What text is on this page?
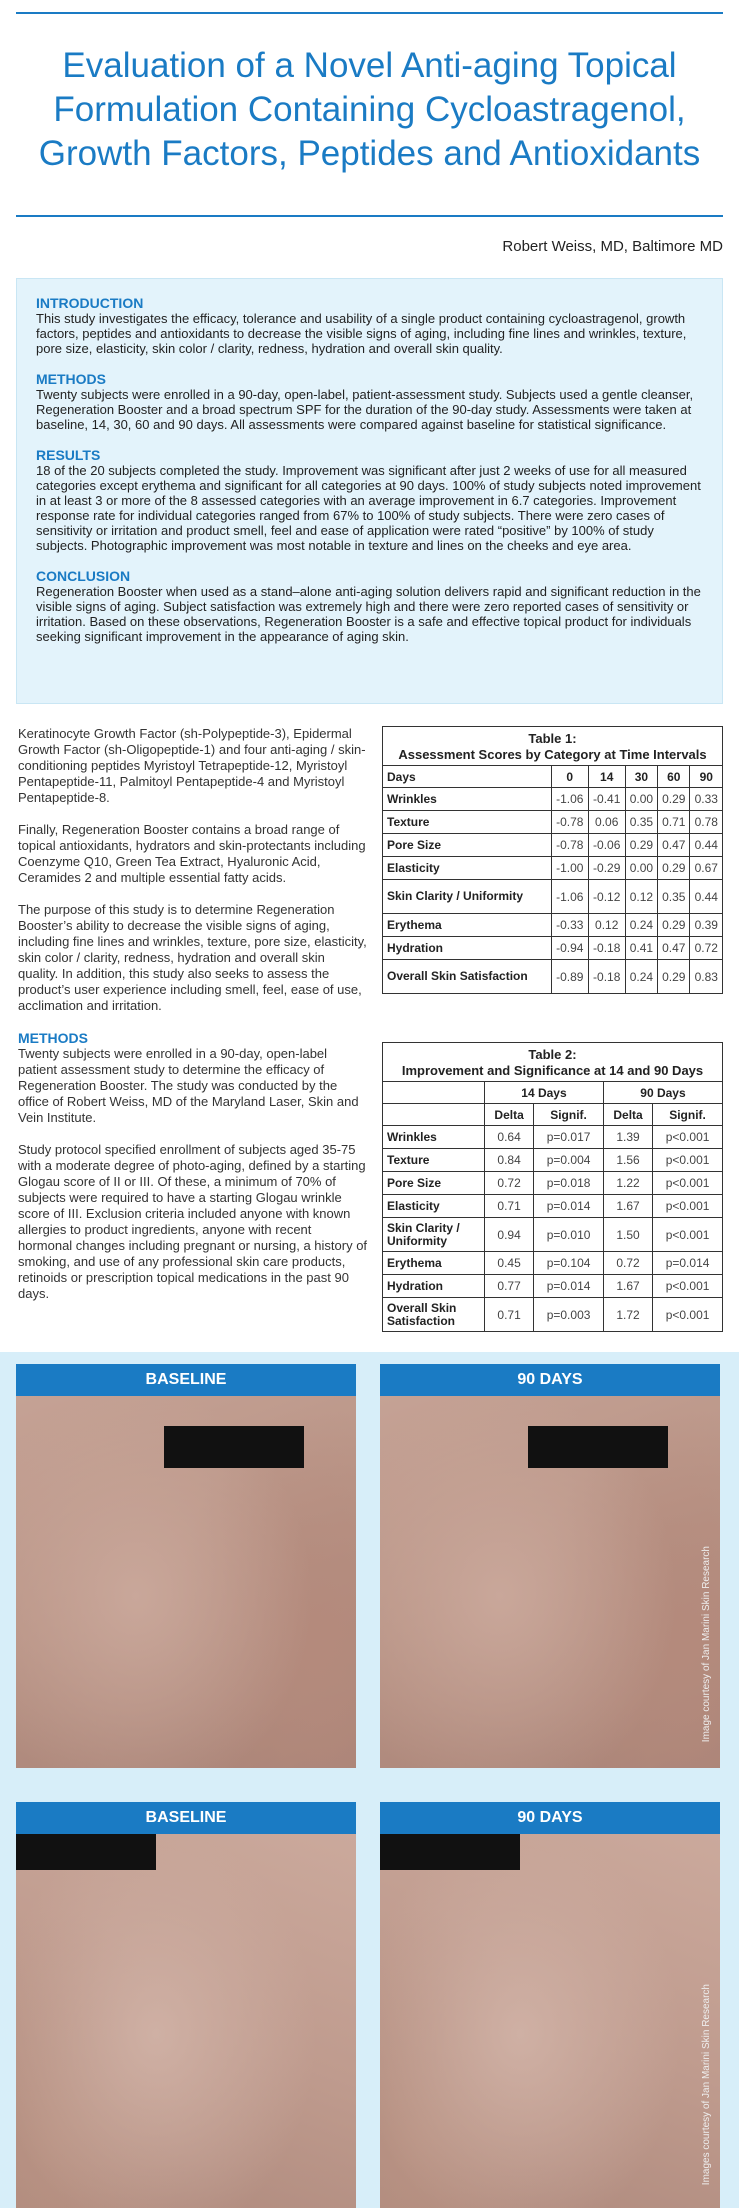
Evaluation of a Novel Anti-aging Topical
Formulation Containing Cycloastragenol,
Growth Factors, Peptides and Antioxidants
Robert Weiss, MD, Baltimore MD
INTRODUCTION

This study investigates the efficacy, tolerance and usability of a single product containing cycloastragenol, growth factors, peptides and antioxidants to decrease the visible signs of aging, including fine lines and wrinkles, texture, pore size, elasticity, skin color / clarity, redness, hydration and overall skin quality.

METHODS

Twenty subjects were enrolled in a 90-day, open-label, patient-assessment study. Subjects used a gentle cleanser, Regeneration Booster and a broad spectrum SPF for the duration of the 90-day study. Assessments were taken at baseline, 14, 30, 60 and 90 days. All assessments were compared against baseline for statistical significance.

RESULTS

18 of the 20 subjects completed the study. Improvement was significant after just 2 weeks of use for all measured categories except erythema and significant for all categories at 90 days. 100% of study subjects noted improvement in at least 3 or more of the 8 assessed categories with an average improvement in 6.7 categories. Improvement response rate for individual categories ranged from 67% to 100% of study subjects. There were zero cases of sensitivity or irritation and product smell, feel and ease of application were rated “positive” by 100% of study subjects. Photographic improvement was most notable in texture and lines on the cheeks and eye area.

CONCLUSION

Regeneration Booster when used as a stand–alone anti-aging solution delivers rapid and significant reduction in the visible signs of aging. Subject satisfaction was extremely high and there were zero reported cases of sensitivity or irritation. Based on these observations, Regeneration Booster is a safe and effective topical product for individuals seeking significant improvement in the appearance of aging skin.

Keratinocyte Growth Factor (sh-Polypeptide-3), Epidermal Growth Factor (sh-Oligopeptide-1) and four anti-aging / skin-conditioning peptides Myristoyl Tetrapeptide-12, Myristoyl Pentapeptide-11, Palmitoyl Pentapeptide-4 and Myristoyl Pentapeptide-8.

Finally, Regeneration Booster contains a broad range of topical antioxidants, hydrators and skin-protectants including Coenzyme Q10, Green Tea Extract, Hyaluronic Acid, Ceramides 2 and multiple essential fatty acids.

The purpose of this study is to determine Regeneration Booster’s ability to decrease the visible signs of aging, including fine lines and wrinkles, texture, pore size, elasticity, skin color / clarity, redness, hydration and overall skin quality. In addition, this study also seeks to assess the product’s user experience including smell, feel, ease of use, acclimation and irritation.

METHODS

Twenty subjects were enrolled in a 90-day, open-label patient assessment study to determine the efficacy of Regeneration Booster. The study was conducted by the office of Robert Weiss, MD of the Maryland Laser, Skin and Vein Institute.

Study protocol specified enrollment of subjects aged 35-75 with a moderate degree of photo-aging, defined by a starting Glogau score of II or III. Of these, a minimum of 70% of subjects were required to have a starting Glogau wrinkle score of III. Exclusion criteria included anyone with known allergies to product ingredients, anyone with recent hormonal changes including pregnant or nursing, a history of smoking, and use of any professional skin care products, retinoids or prescription topical medications in the past 90 days.

Table 1:
Assessment Scores by Category at Time Intervals					

Days	0	14	30	60	90
Wrinkles	-1.06	-0.41	0.00	0.29	0.33
Texture	-0.78	0.06	0.35	0.71	0.78
Pore Size	-0.78	-0.06	0.29	0.47	0.44
Elasticity	-1.00	-0.29	0.00	0.29	0.67
Skin Clarity / Uniformity	-1.06	-0.12	0.12	0.35	0.44
Erythema	-0.33	0.12	0.24	0.29	0.39
Hydration	-0.94	-0.18	0.41	0.47	0.72
Overall Skin Satisfaction	-0.89	-0.18	0.24	0.29	0.83
Table 2:
Improvement and Significance at 14 and 90 Days				

	14 Days		90 Days	
	Delta	Signif.	Delta	Signif.
Wrinkles	0.64	p=0.017	1.39	p<0.001
Texture	0.84	p=0.004	1.56	p<0.001
Pore Size	0.72	p=0.018	1.22	p<0.001
Elasticity	0.71	p=0.014	1.67	p<0.001
Skin Clarity / Uniformity	0.94	p=0.010	1.50	p<0.001
Erythema	0.45	p=0.104	0.72	p=0.014
Hydration	0.77	p=0.014	1.67	p<0.001
Overall Skin Satisfaction	0.71	p=0.003	1.72	p<0.001
BASELINE	90 DAYS
Image courtesy of Jan Marini Skin Research
BASELINE	90 DAYS
Images courtesy of Jan Marini Skin Research
